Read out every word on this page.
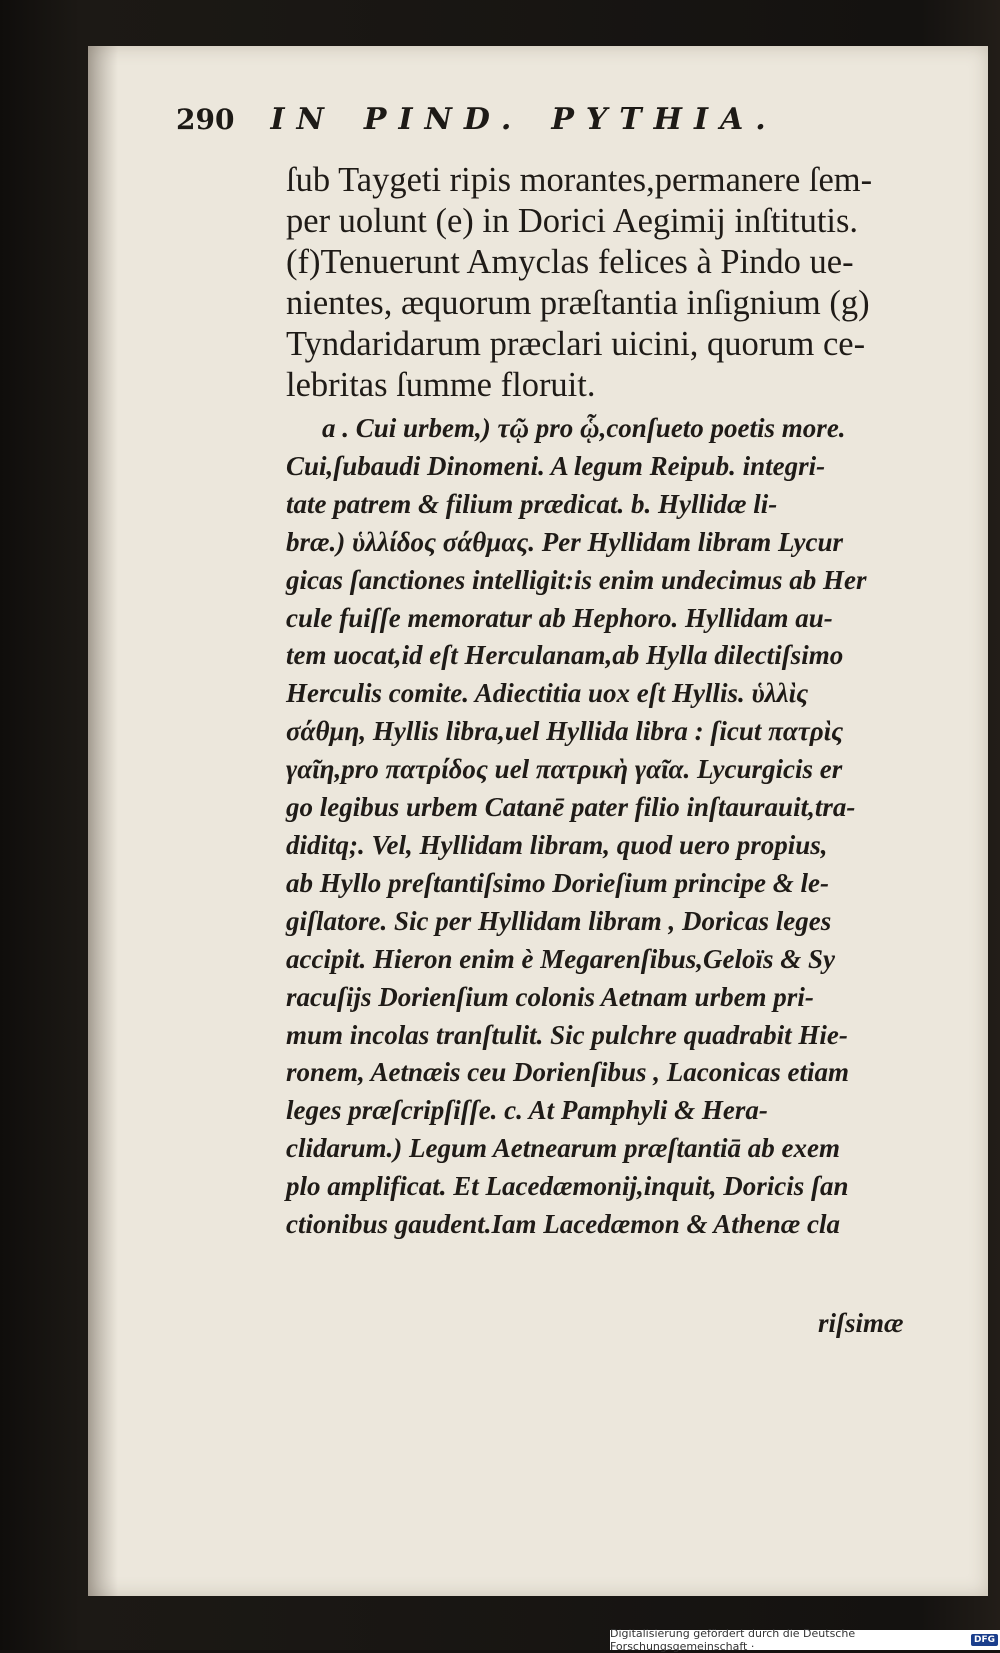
290 IN PIND. PYTHIA.
ſub Taygeti ripis morantes,permanere ſem-
per uolunt (e) in Dorici Aegimij inſtitutis.
(f)Tenuerunt Amyclas felices à Pindo ue-
nientes, æquorum præſtantia inſignium (g)
Tyndaridarum præclari uicini, quorum ce-
lebritas ſumme floruit.
a . Cui urbem,) τῷ pro ᾧ,conſueto poetis more.
Cui,ſubaudi Dinomeni. A legum Reipub. integri-
tate patrem & filium prædicat. b. Hyllidæ li-
bræ.) ὑλλίδος σάθμας. Per Hyllidam libram Lycur
gicas ſanctiones intelligit:is enim undecimus ab Her
cule fuiſſe memoratur ab Hephoro. Hyllidam au-
tem uocat,id eſt Herculanam,ab Hylla dilectiſsimo
Herculis comite. Adiectitia uox eſt Hyllis. ὑλλὶς
σάθμη, Hyllis libra,uel Hyllida libra : ſicut πατρὶς
γαῖη,pro πατρίδος uel πατρικὴ γαῖα. Lycurgicis er
go legibus urbem Catanē pater filio inſtaurauit,tra-
diditq;. Vel, Hyllidam libram, quod uero propius,
ab Hyllo preſtantiſsimo Dorieſium principe & le-
giſlatore. Sic per Hyllidam libram , Doricas leges
accipit. Hieron enim è Megarenſibus,Geloïs & Sy
racuſijs Dorienſium colonis Aetnam urbem pri-
mum incolas tranſtulit. Sic pulchre quadrabit Hie-
ronem, Aetnæis ceu Dorienſibus , Laconicas etiam
leges præſcripſiſſe. c. At Pamphyli & Hera-
clidarum.) Legum Aetnearum præſtantiā ab exem
plo amplificat. Et Lacedæmonij,inquit, Doricis ſan
ctionibus gaudent.Iam Lacedæmon & Athenæ cla
riſsimæ
Digitalisierung gefördert durch die Deutsche Forschungsgemeinschaft ·	DFG
